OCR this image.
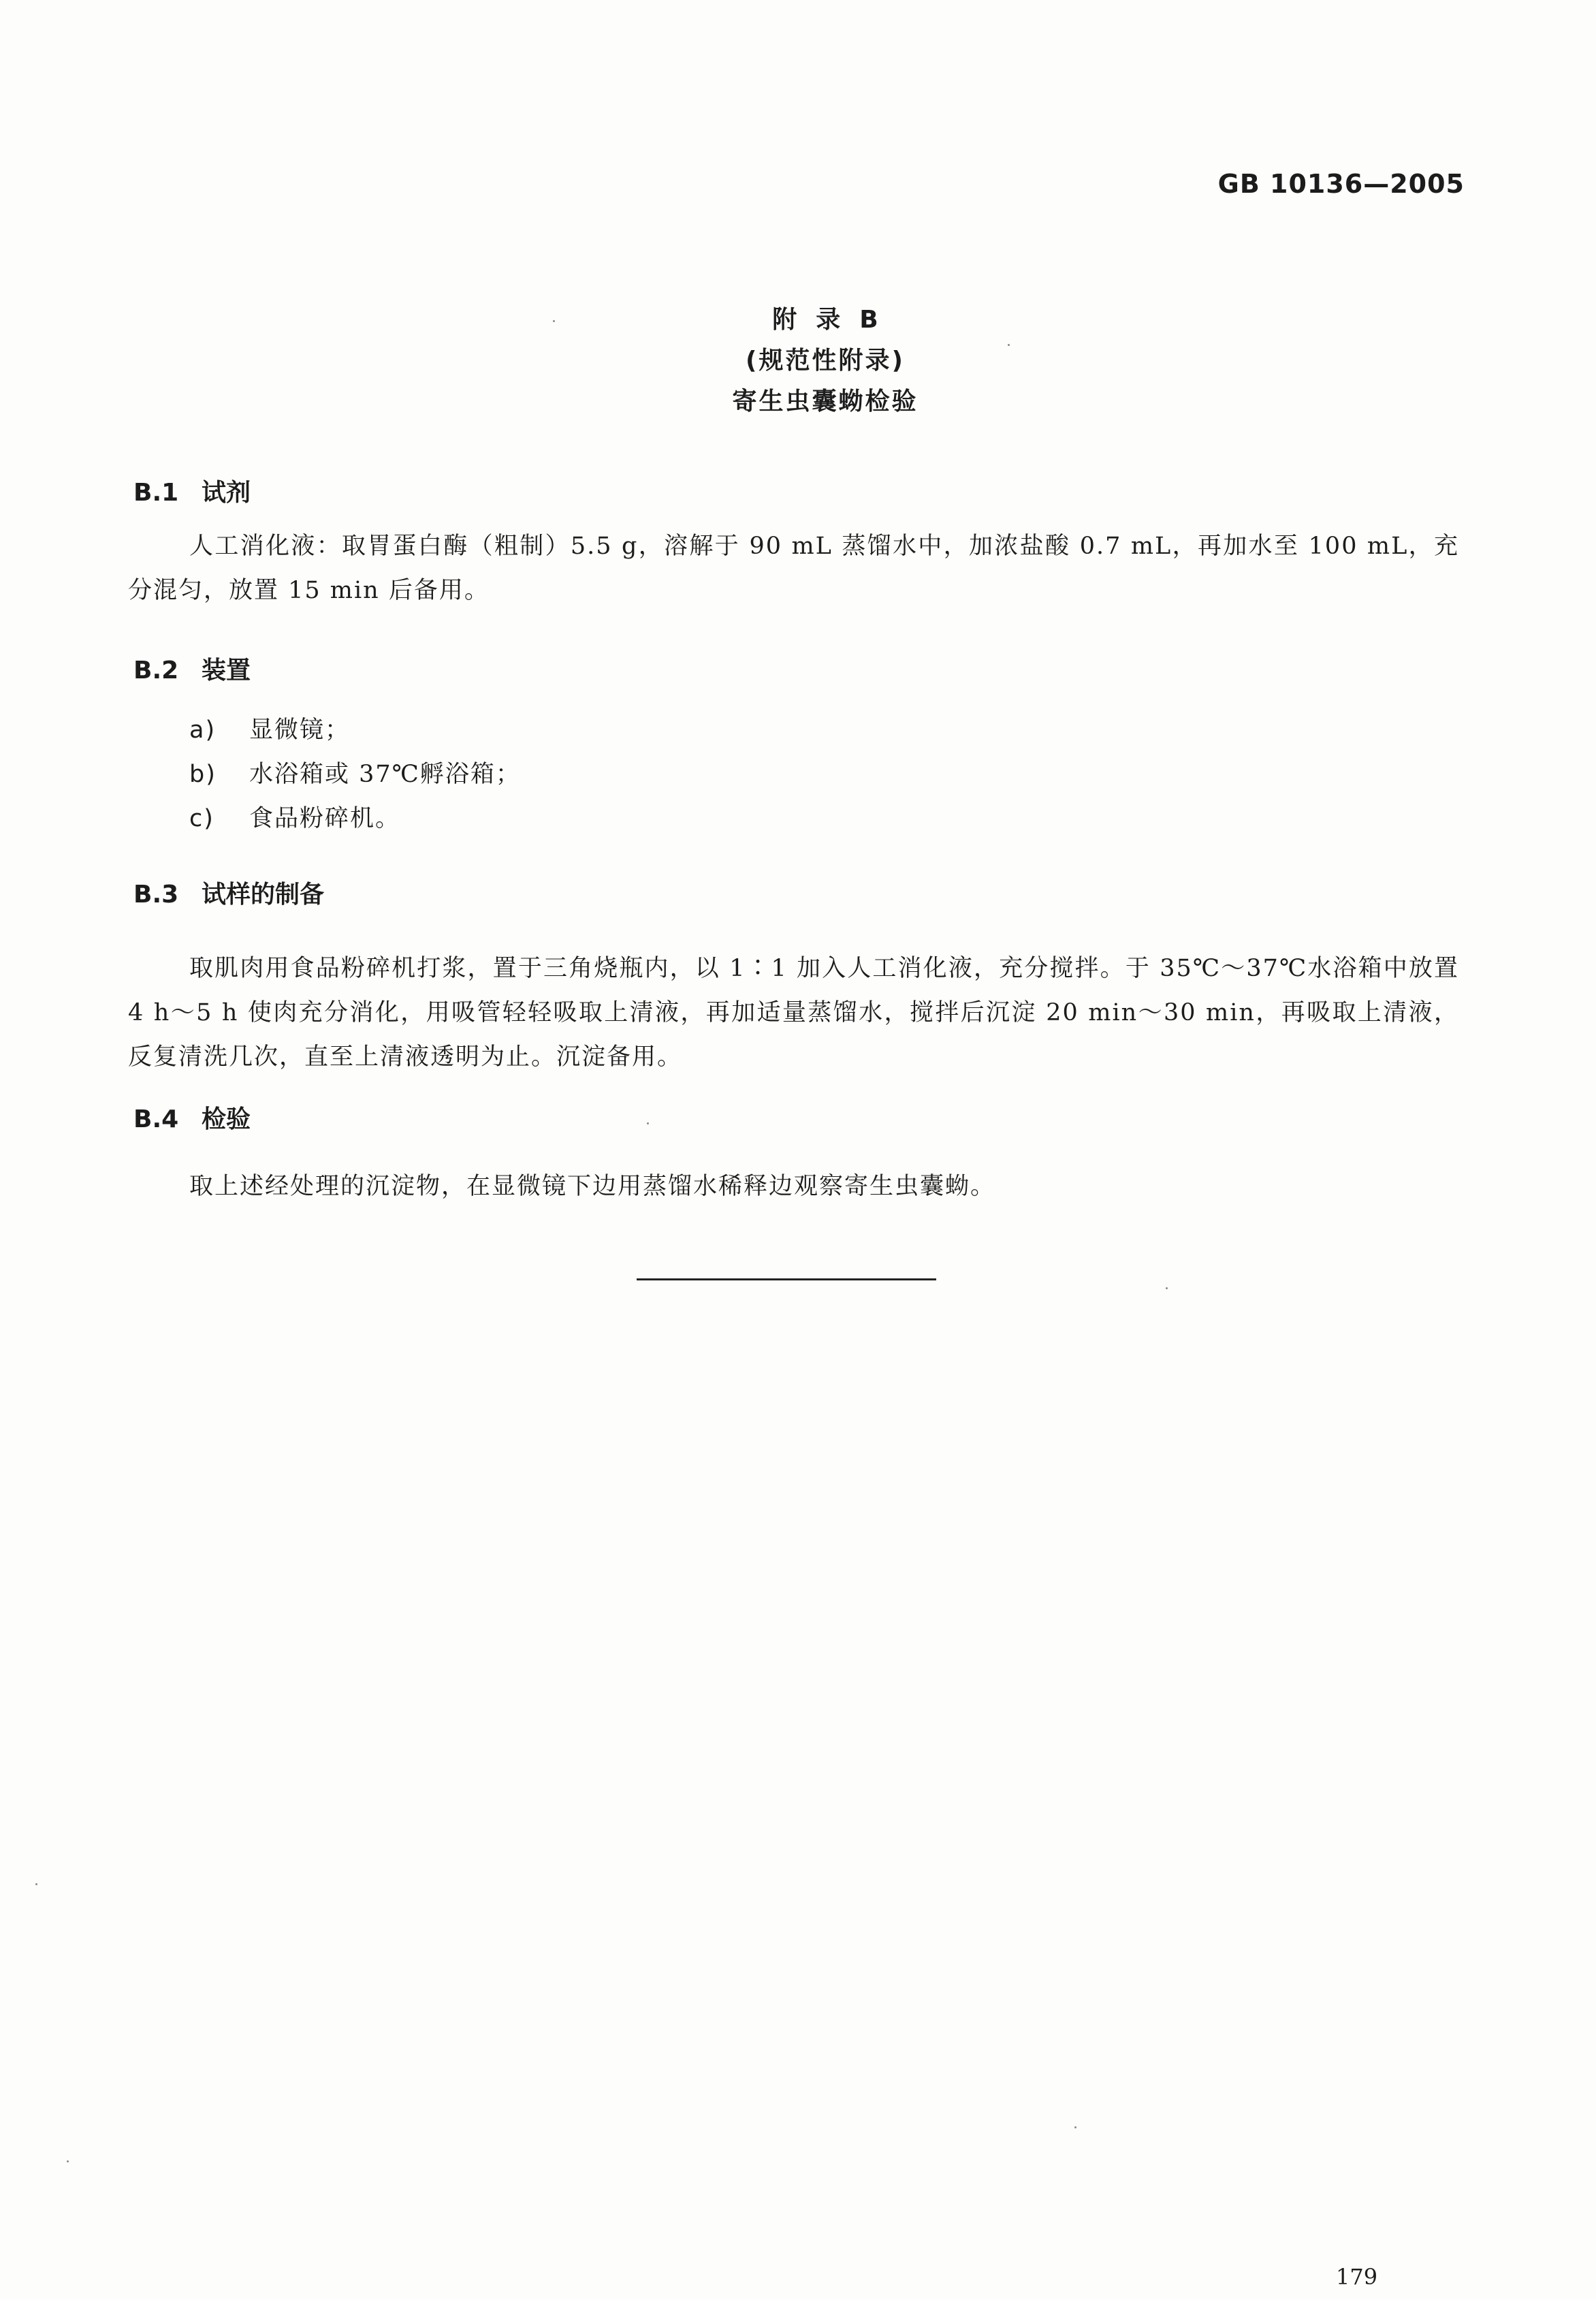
GB 10136—2005
附录B
(规范性附录)
寄生虫囊蚴检验
B.1 试剂

人工消化液：取胃蛋白酶（粗制）5.5 g，溶解于 90 mL 蒸馏水中，加浓盐酸 0.7 mL，再加水至 100 mL，充分混匀，放置 15 min 后备用。

B.2 装置
a) 显微镜；
b) 水浴箱或 37℃孵浴箱；
c) 食品粉碎机。
B.3 试样的制备

取肌肉用食品粉碎机打浆，置于三角烧瓶内，以 1∶1 加入人工消化液，充分搅拌。于 35℃～37℃水浴箱中放置 4 h～5 h 使肉充分消化，用吸管轻轻吸取上清液，再加适量蒸馏水，搅拌后沉淀 20 min～30 min，再吸取上清液，反复清洗几次，直至上清液透明为止。沉淀备用。

B.4 检验

取上述经处理的沉淀物，在显微镜下边用蒸馏水稀释边观察寄生虫囊蚴。

179
